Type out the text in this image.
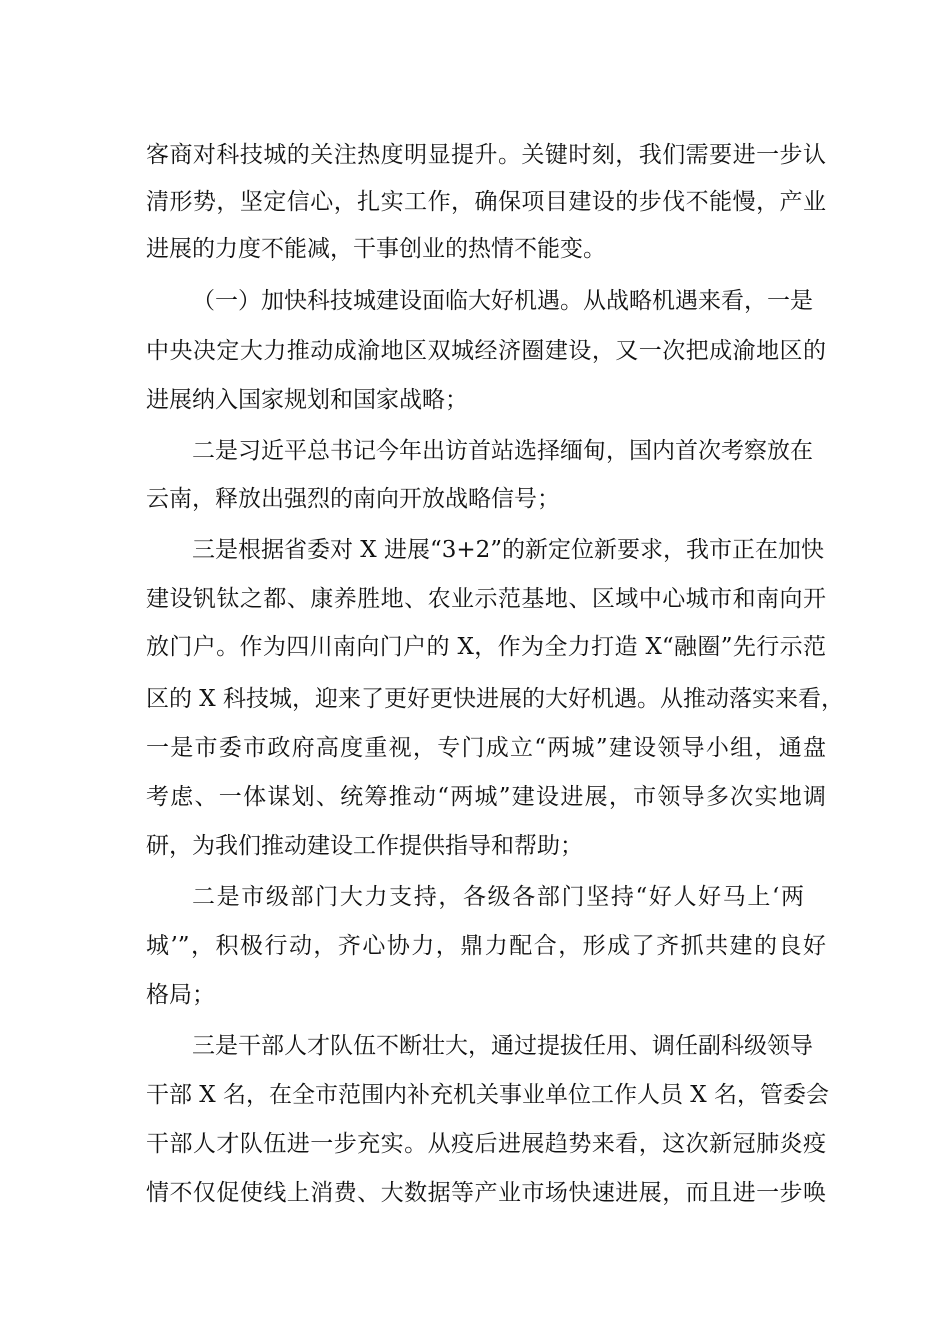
客商对科技城的关注热度明显提升。关键时刻，我们需要进一步认
清形势，坚定信心，扎实工作，确保项目建设的步伐不能慢，产业
进展的力度不能减，干事创业的热情不能变。
（一）加快科技城建设面临大好机遇。从战略机遇来看，一是
中央决定大力推动成渝地区双城经济圈建设，又一次把成渝地区的
进展纳入国家规划和国家战略；
二是习近平总书记今年出访首站选择缅甸，国内首次考察放在
云南，释放出强烈的南向开放战略信号；
三是根据省委对 X 进展“3+2”的新定位新要求，我市正在加快
建设钒钛之都、康养胜地、农业示范基地、区域中心城市和南向开
放门户。作为四川南向门户的 X，作为全力打造 X“融圈”先行示范
区的 X 科技城，迎来了更好更快进展的大好机遇。从推动落实来看，
一是市委市政府高度重视，专门成立“两城”建设领导小组，通盘
考虑、一体谋划、统筹推动“两城”建设进展，市领导多次实地调
研，为我们推动建设工作提供指导和帮助；
二是市级部门大力支持，各级各部门坚持“好人好马上‘两
城’”，积极行动，齐心协力，鼎力配合，形成了齐抓共建的良好
格局；
三是干部人才队伍不断壮大，通过提拔任用、调任副科级领导
干部 X 名，在全市范围内补充机关事业单位工作人员 X 名，管委会
干部人才队伍进一步充实。从疫后进展趋势来看，这次新冠肺炎疫
情不仅促使线上消费、大数据等产业市场快速进展，而且进一步唤
